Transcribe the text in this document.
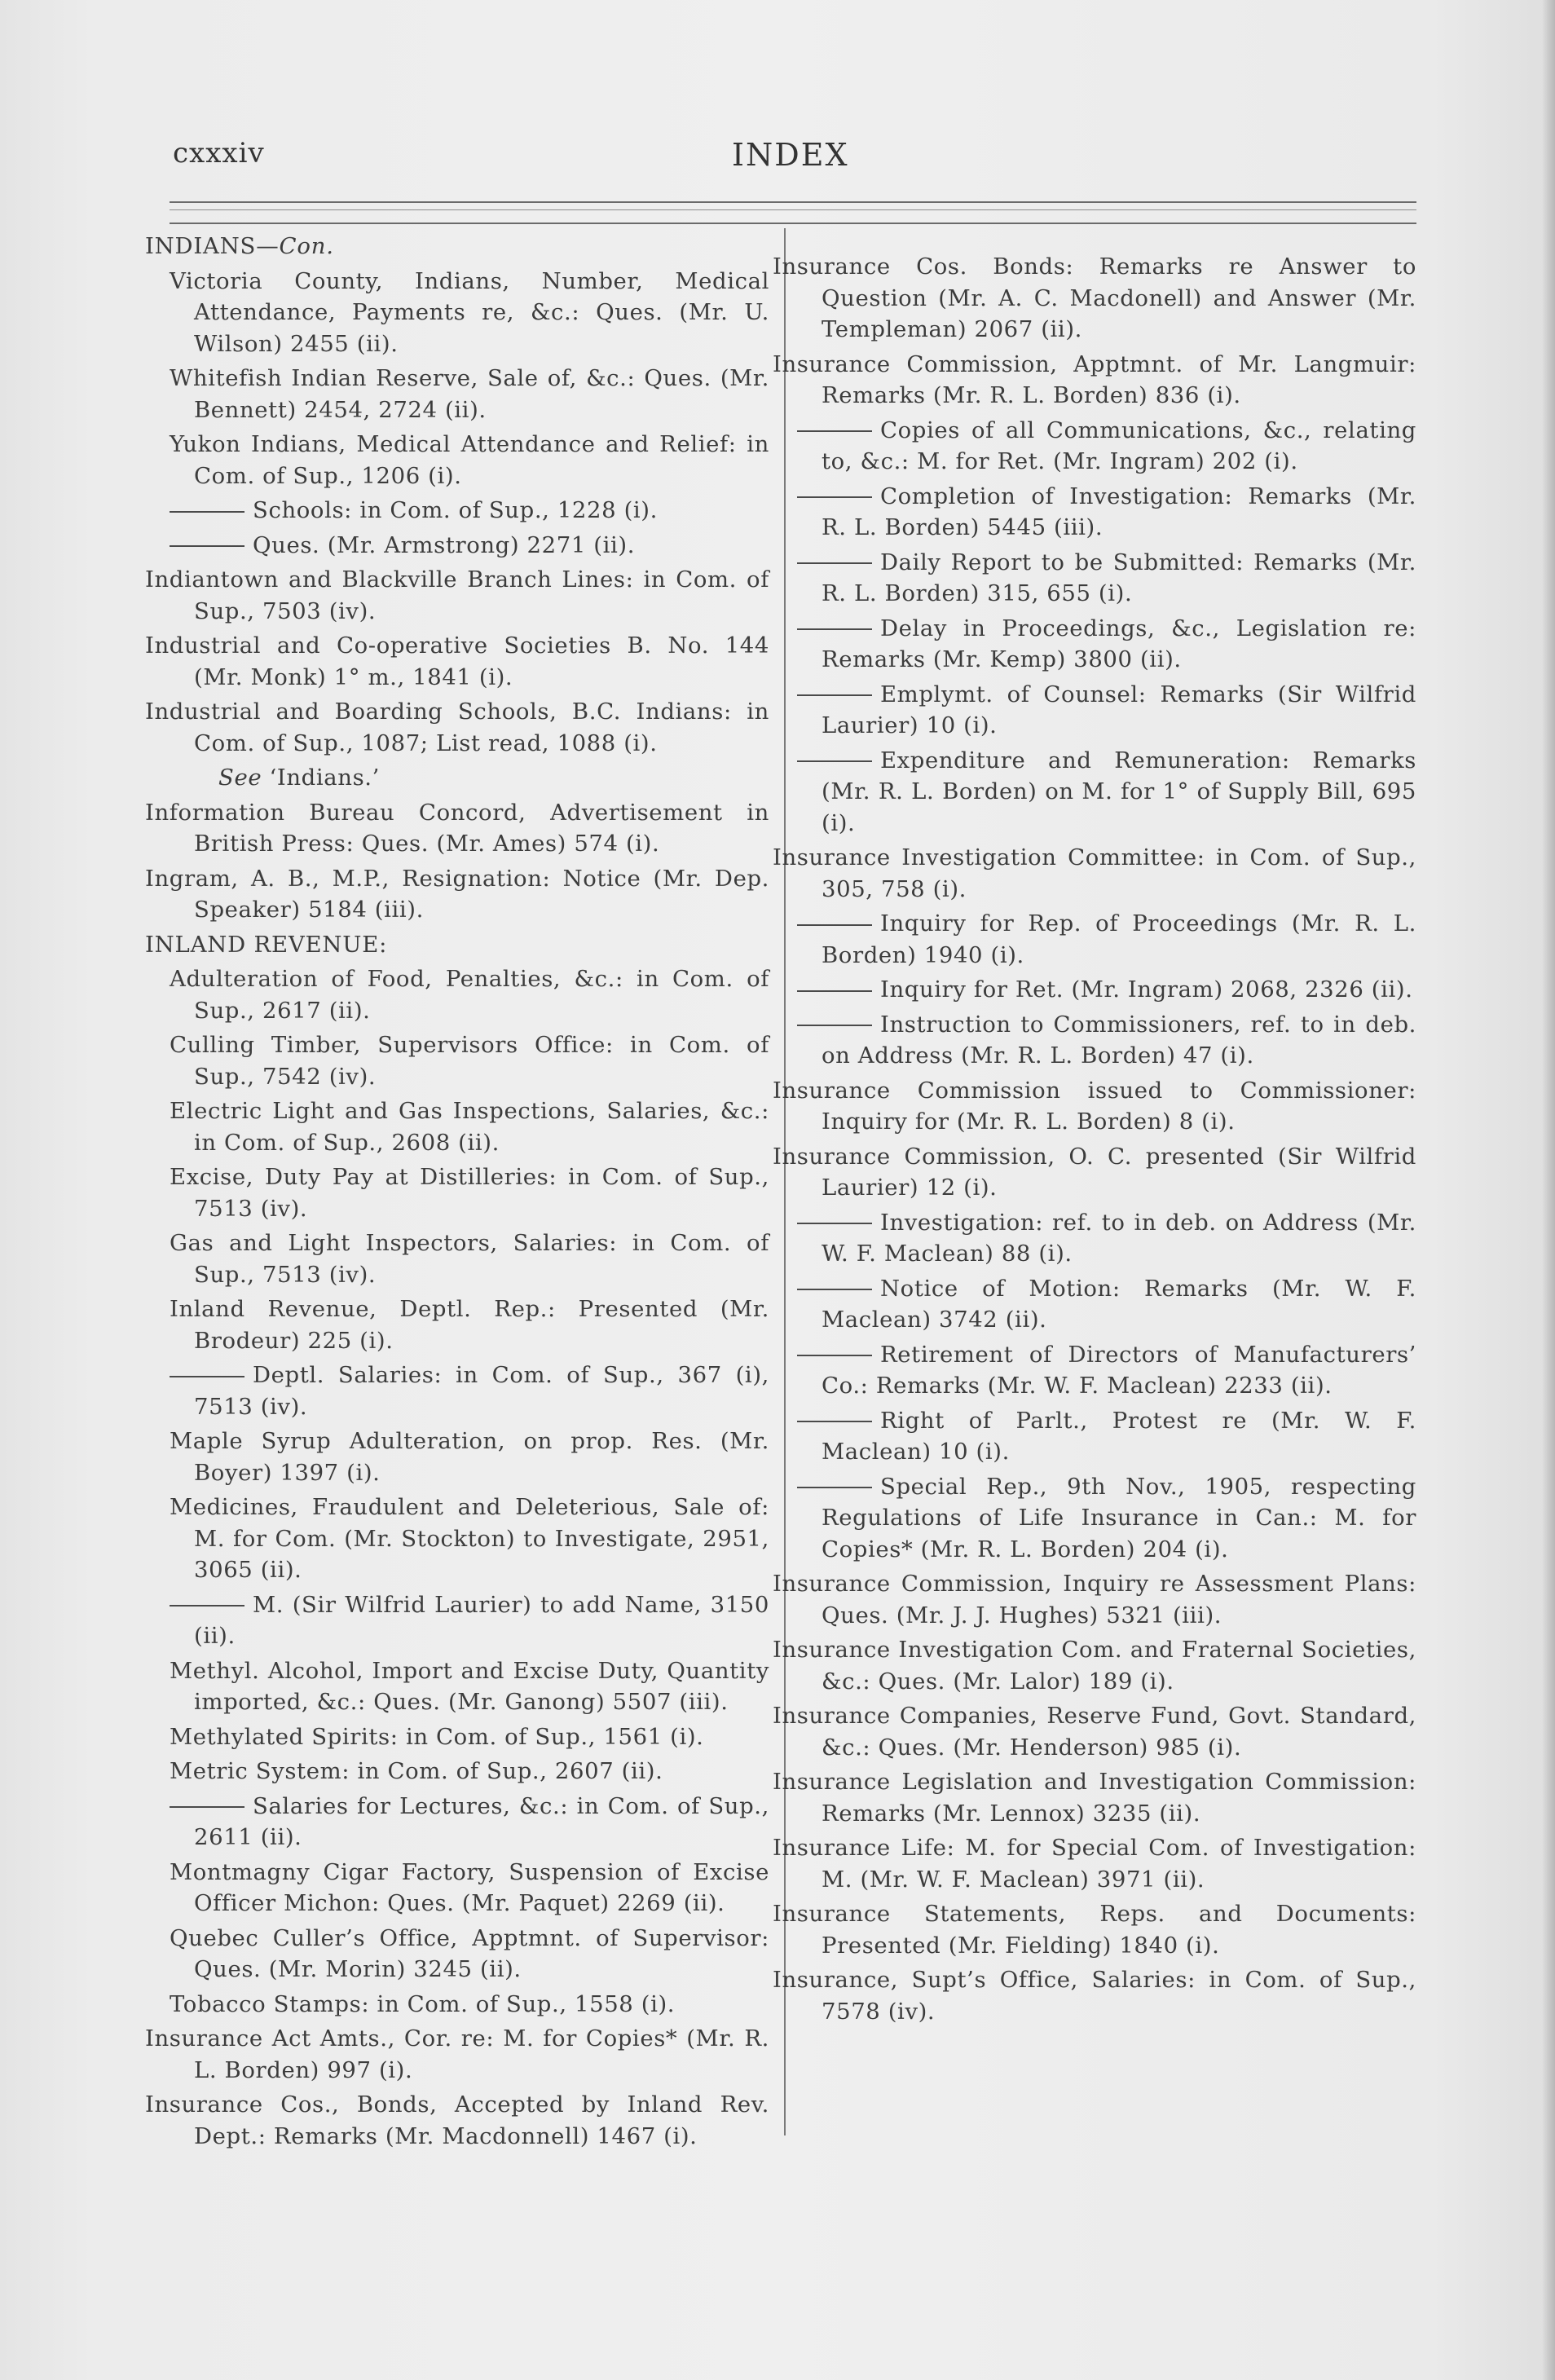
cxxxiv	INDEX
INDIANS—Con.
Victoria County, Indians, Number, Medical Attendance, Payments re, &c.: Ques. (Mr. U. Wilson) 2455 (ii).
Whitefish Indian Reserve, Sale of, &c.: Ques. (Mr. Bennett) 2454, 2724 (ii).
Yukon Indians, Medical Attendance and Relief: in Com. of Sup., 1206 (i).
Schools: in Com. of Sup., 1228 (i).
Ques. (Mr. Armstrong) 2271 (ii).
Indiantown and Blackville Branch Lines: in Com. of Sup., 7503 (iv).
Industrial and Co-operative Societies B. No. 144 (Mr. Monk) 1° m., 1841 (i).
Industrial and Boarding Schools, B.C. Indians: in Com. of Sup., 1087; List read, 1088 (i).
See ‘Indians.’
Information Bureau Concord, Advertisement in British Press: Ques. (Mr. Ames) 574 (i).
Ingram, A. B., M.P., Resignation: Notice (Mr. Dep. Speaker) 5184 (iii).
INLAND REVENUE:
Adulteration of Food, Penalties, &c.: in Com. of Sup., 2617 (ii).
Culling Timber, Supervisors Office: in Com. of Sup., 7542 (iv).
Electric Light and Gas Inspections, Salaries, &c.: in Com. of Sup., 2608 (ii).
Excise, Duty Pay at Distilleries: in Com. of Sup., 7513 (iv).
Gas and Light Inspectors, Salaries: in Com. of Sup., 7513 (iv).
Inland Revenue, Deptl. Rep.: Presented (Mr. Brodeur) 225 (i).
Deptl. Salaries: in Com. of Sup., 367 (i), 7513 (iv).
Maple Syrup Adulteration, on prop. Res. (Mr. Boyer) 1397 (i).
Medicines, Fraudulent and Deleterious, Sale of: M. for Com. (Mr. Stockton) to Investigate, 2951, 3065 (ii).
M. (Sir Wilfrid Laurier) to add Name, 3150 (ii).
Methyl. Alcohol, Import and Excise Duty, Quantity imported, &c.: Ques. (Mr. Ganong) 5507 (iii).
Methylated Spirits: in Com. of Sup., 1561 (i).
Metric System: in Com. of Sup., 2607 (ii).
Salaries for Lectures, &c.: in Com. of Sup., 2611 (ii).
Montmagny Cigar Factory, Suspension of Excise Officer Michon: Ques. (Mr. Paquet) 2269 (ii).
Quebec Culler’s Office, Apptmnt. of Supervisor: Ques. (Mr. Morin) 3245 (ii).
Tobacco Stamps: in Com. of Sup., 1558 (i).
Insurance Act Amts., Cor. re: M. for Copies* (Mr. R. L. Borden) 997 (i).
Insurance Cos., Bonds, Accepted by Inland Rev. Dept.: Remarks (Mr. Macdonnell) 1467 (i).
Insurance Cos. Bonds: Remarks re Answer to Question (Mr. A. C. Macdonell) and Answer (Mr. Templeman) 2067 (ii).
Insurance Commission, Apptmnt. of Mr. Langmuir: Remarks (Mr. R. L. Borden) 836 (i).
Copies of all Communications, &c., relating to, &c.: M. for Ret. (Mr. Ingram) 202 (i).
Completion of Investigation: Remarks (Mr. R. L. Borden) 5445 (iii).
Daily Report to be Submitted: Remarks (Mr. R. L. Borden) 315, 655 (i).
Delay in Proceedings, &c., Legislation re: Remarks (Mr. Kemp) 3800 (ii).
Emplymt. of Counsel: Remarks (Sir Wilfrid Laurier) 10 (i).
Expenditure and Remuneration: Remarks (Mr. R. L. Borden) on M. for 1° of Supply Bill, 695 (i).
Insurance Investigation Committee: in Com. of Sup., 305, 758 (i).
Inquiry for Rep. of Proceedings (Mr. R. L. Borden) 1940 (i).
Inquiry for Ret. (Mr. Ingram) 2068, 2326 (ii).
Instruction to Commissioners, ref. to in deb. on Address (Mr. R. L. Borden) 47 (i).
Insurance Commission issued to Commissioner: Inquiry for (Mr. R. L. Borden) 8 (i).
Insurance Commission, O. C. presented (Sir Wilfrid Laurier) 12 (i).
Investigation: ref. to in deb. on Address (Mr. W. F. Maclean) 88 (i).
Notice of Motion: Remarks (Mr. W. F. Maclean) 3742 (ii).
Retirement of Directors of Manufacturers’ Co.: Remarks (Mr. W. F. Maclean) 2233 (ii).
Right of Parlt., Protest re (Mr. W. F. Maclean) 10 (i).
Special Rep., 9th Nov., 1905, respecting Regulations of Life Insurance in Can.: M. for Copies* (Mr. R. L. Borden) 204 (i).
Insurance Commission, Inquiry re Assessment Plans: Ques. (Mr. J. J. Hughes) 5321 (iii).
Insurance Investigation Com. and Fraternal Societies, &c.: Ques. (Mr. Lalor) 189 (i).
Insurance Companies, Reserve Fund, Govt. Standard, &c.: Ques. (Mr. Henderson) 985 (i).
Insurance Legislation and Investigation Commission: Remarks (Mr. Lennox) 3235 (ii).
Insurance Life: M. for Special Com. of Investigation: M. (Mr. W. F. Maclean) 3971 (ii).
Insurance Statements, Reps. and Documents: Presented (Mr. Fielding) 1840 (i).
Insurance, Supt’s Office, Salaries: in Com. of Sup., 7578 (iv).
